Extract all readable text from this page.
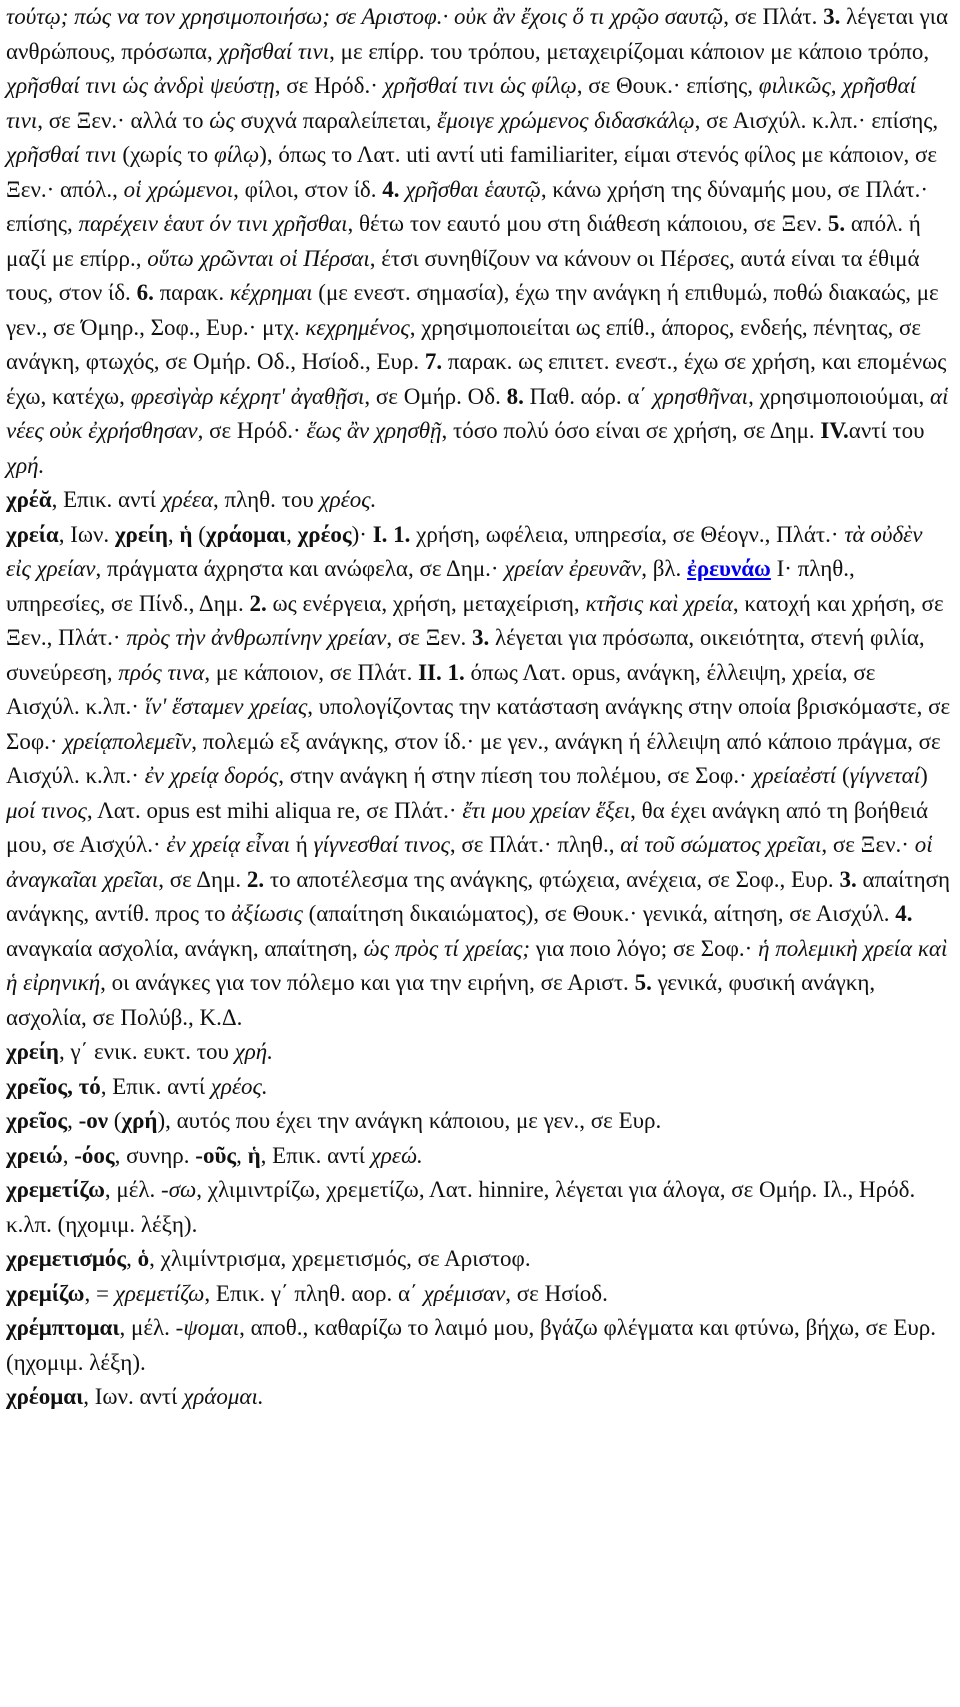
τούτῳ; πώς να τον χρησιμοποιήσω; σε Αριστοφ.· οὐκ ἂν ἔχοις ὅ τι χρῷο σαυτῷ, σε Πλάτ. 3. λέγεται για ανθρώπους, πρόσωπα, χρῆσθαί τινι, με επίρρ. του τρόπου, μεταχειρίζομαι κάποιον με κάποιο τρόπο, χρῆσθαί τινι ὡς ἀνδρὶ ψεύστῃ, σε Ηρόδ.· χρῆσθαί τινι ὡς φίλῳ, σε Θουκ.· επίσης, φιλικῶς, χρῆσθαί τινι, σε Ξεν.· αλλά το ὡς συχνά παραλείπεται, ἔμοιγε χρώμενος διδασκάλῳ, σε Αισχύλ. κ.λπ.· επίσης, χρῆσθαί τινι (χωρίς το φίλῳ), όπως το Λατ. uti αντί uti familiariter, είμαι στενός φίλος με κάποιον, σε Ξεν.· απόλ., οἱ χρώμενοι, φίλοι, στον ίδ. 4. χρῆσθαι ἑαυτῷ, κάνω χρήση της δύναμής μου, σε Πλάτ.· επίσης, παρέχειν ἑαυτ όν τινι χρῆσθαι, θέτω τον εαυτό μου στη διάθεση κάποιου, σε Ξεν. 5. απόλ. ή μαζί με επίρρ., οὕτω χρῶνται οἱ Πέρσαι, έτσι συνηθίζουν να κάνουν οι Πέρσες, αυτά είναι τα έθιμά τους, στον ίδ. 6. παρακ. κέχρημαι (με ενεστ. σημασία), έχω την ανάγκη ή επιθυμώ, ποθώ διακαώς, με γεν., σε Όμηρ., Σοφ., Ευρ.· μτχ. κεχρημένος, χρησιμοποιείται ως επίθ., άπορος, ενδεής, πένητας, σε ανάγκη, φτωχός, σε Ομήρ. Οδ., Ησίοδ., Ευρ. 7. παρακ. ως επιτετ. ενεστ., έχω σε χρήση, και επομένως έχω, κατέχω, φρεσὶγὰρ κέχρητ' ἀγαθῇσι, σε Ομήρ. Οδ. 8. Παθ. αόρ. α΄ χρησθῆναι, χρησιμοποιούμαι, αἱ νέες οὐκ ἐχρήσθησαν, σε Ηρόδ.· ἕως ἂν χρησθῇ, τόσο πολύ όσο είναι σε χρήση, σε Δημ. IV.αντί του χρή.
χρέᾰ, Επικ. αντί χρέεα, πληθ. του χρέος.
χρεία, Ιων. χρείη, ἡ (χράομαι, χρέος)· I. 1. χρήση, ωφέλεια, υπηρεσία, σε Θέογν., Πλάτ.· τὰ οὐδὲν εἰς χρείαν, πράγματα άχρηστα και ανώφελα, σε Δημ.· χρείαν ἐρευνᾶν, βλ. ἐρευνάω I· πληθ., υπηρεσίες, σε Πίνδ., Δημ. 2. ως ενέργεια, χρήση, μεταχείριση, κτῆσις καὶ χρεία, κατοχή και χρήση, σε Ξεν., Πλάτ.· πρὸς τὴν ἀνθρωπίνην χρείαν, σε Ξεν. 3. λέγεται για πρόσωπα, οικειότητα, στενή φιλία, συνεύρεση, πρός τινα, με κάποιον, σε Πλάτ. II. 1. όπως Λατ. opus, ανάγκη, έλλειψη, χρεία, σε Αισχύλ. κ.λπ.· ἵν' ἕσταμεν χρείας, υπολογίζοντας την κατάσταση ανάγκης στην οποία βρισκόμαστε, σε Σοφ.· χρείᾳπολεμεῖν, πολεμώ εξ ανάγκης, στον ίδ.· με γεν., ανάγκη ή έλλειψη από κάποιο πράγμα, σε Αισχύλ. κ.λπ.· ἐν χρείᾳ δορός, στην ανάγκη ή στην πίεση του πολέμου, σε Σοφ.· χρείαἐστί (γίγνεταί) μοί τινος, Λατ. opus est mihi aliqua re, σε Πλάτ.· ἔτι μου χρείαν ἕξει, θα έχει ανάγκη από τη βοήθειά μου, σε Αισχύλ.· ἐν χρείᾳ εἶναι ή γίγνεσθαί τινος, σε Πλάτ.· πληθ., αἱ τοῦ σώματος χρεῖαι, σε Ξεν.· οἱ ἀναγκαῖαι χρεῖαι, σε Δημ. 2. το αποτέλεσμα της ανάγκης, φτώχεια, ανέχεια, σε Σοφ., Ευρ. 3. απαίτηση ανάγκης, αντίθ. προς το ἀξίωσις (απαίτηση δικαιώματος), σε Θουκ.· γενικά, αίτηση, σε Αισχύλ. 4. αναγκαία ασχολία, ανάγκη, απαίτηση, ὡς πρὸς τί χρείας; για ποιο λόγο; σε Σοφ.· ἡ πολεμικὴ χρεία καὶ ἡ εἰρηνική, οι ανάγκες για τον πόλεμο και για την ειρήνη, σε Αριστ. 5. γενικά, φυσική ανάγκη, ασχολία, σε Πολύβ., Κ.Δ.
χρείη, γ΄ ενικ. ευκτ. του χρή.
χρεῖος, τό, Επικ. αντί χρέος.
χρεῖος, -ον (χρή), αυτός που έχει την ανάγκη κάποιου, με γεν., σε Ευρ.
χρειώ, -όος, συνηρ. -οῦς, ἡ, Επικ. αντί χρεώ.
χρεμετίζω, μέλ. -σω, χλιμιντρίζω, χρεμετίζω, Λατ. hinnire, λέγεται για άλογα, σε Ομήρ. Ιλ., Ηρόδ. κ.λπ. (ηχομιμ. λέξη).
χρεμετισμός, ὁ, χλιμίντρισμα, χρεμετισμός, σε Αριστοφ.
χρεμίζω, = χρεμετίζω, Επικ. γ΄ πληθ. αορ. α΄ χρέμισαν, σε Ησίοδ.
χρέμπτομαι, μέλ. -ψομαι, αποθ., καθαρίζω το λαιμό μου, βγάζω φλέγματα και φτύνω, βήχω, σε Ευρ. (ηχομιμ. λέξη).
χρέομαι, Ιων. αντί χράομαι.
